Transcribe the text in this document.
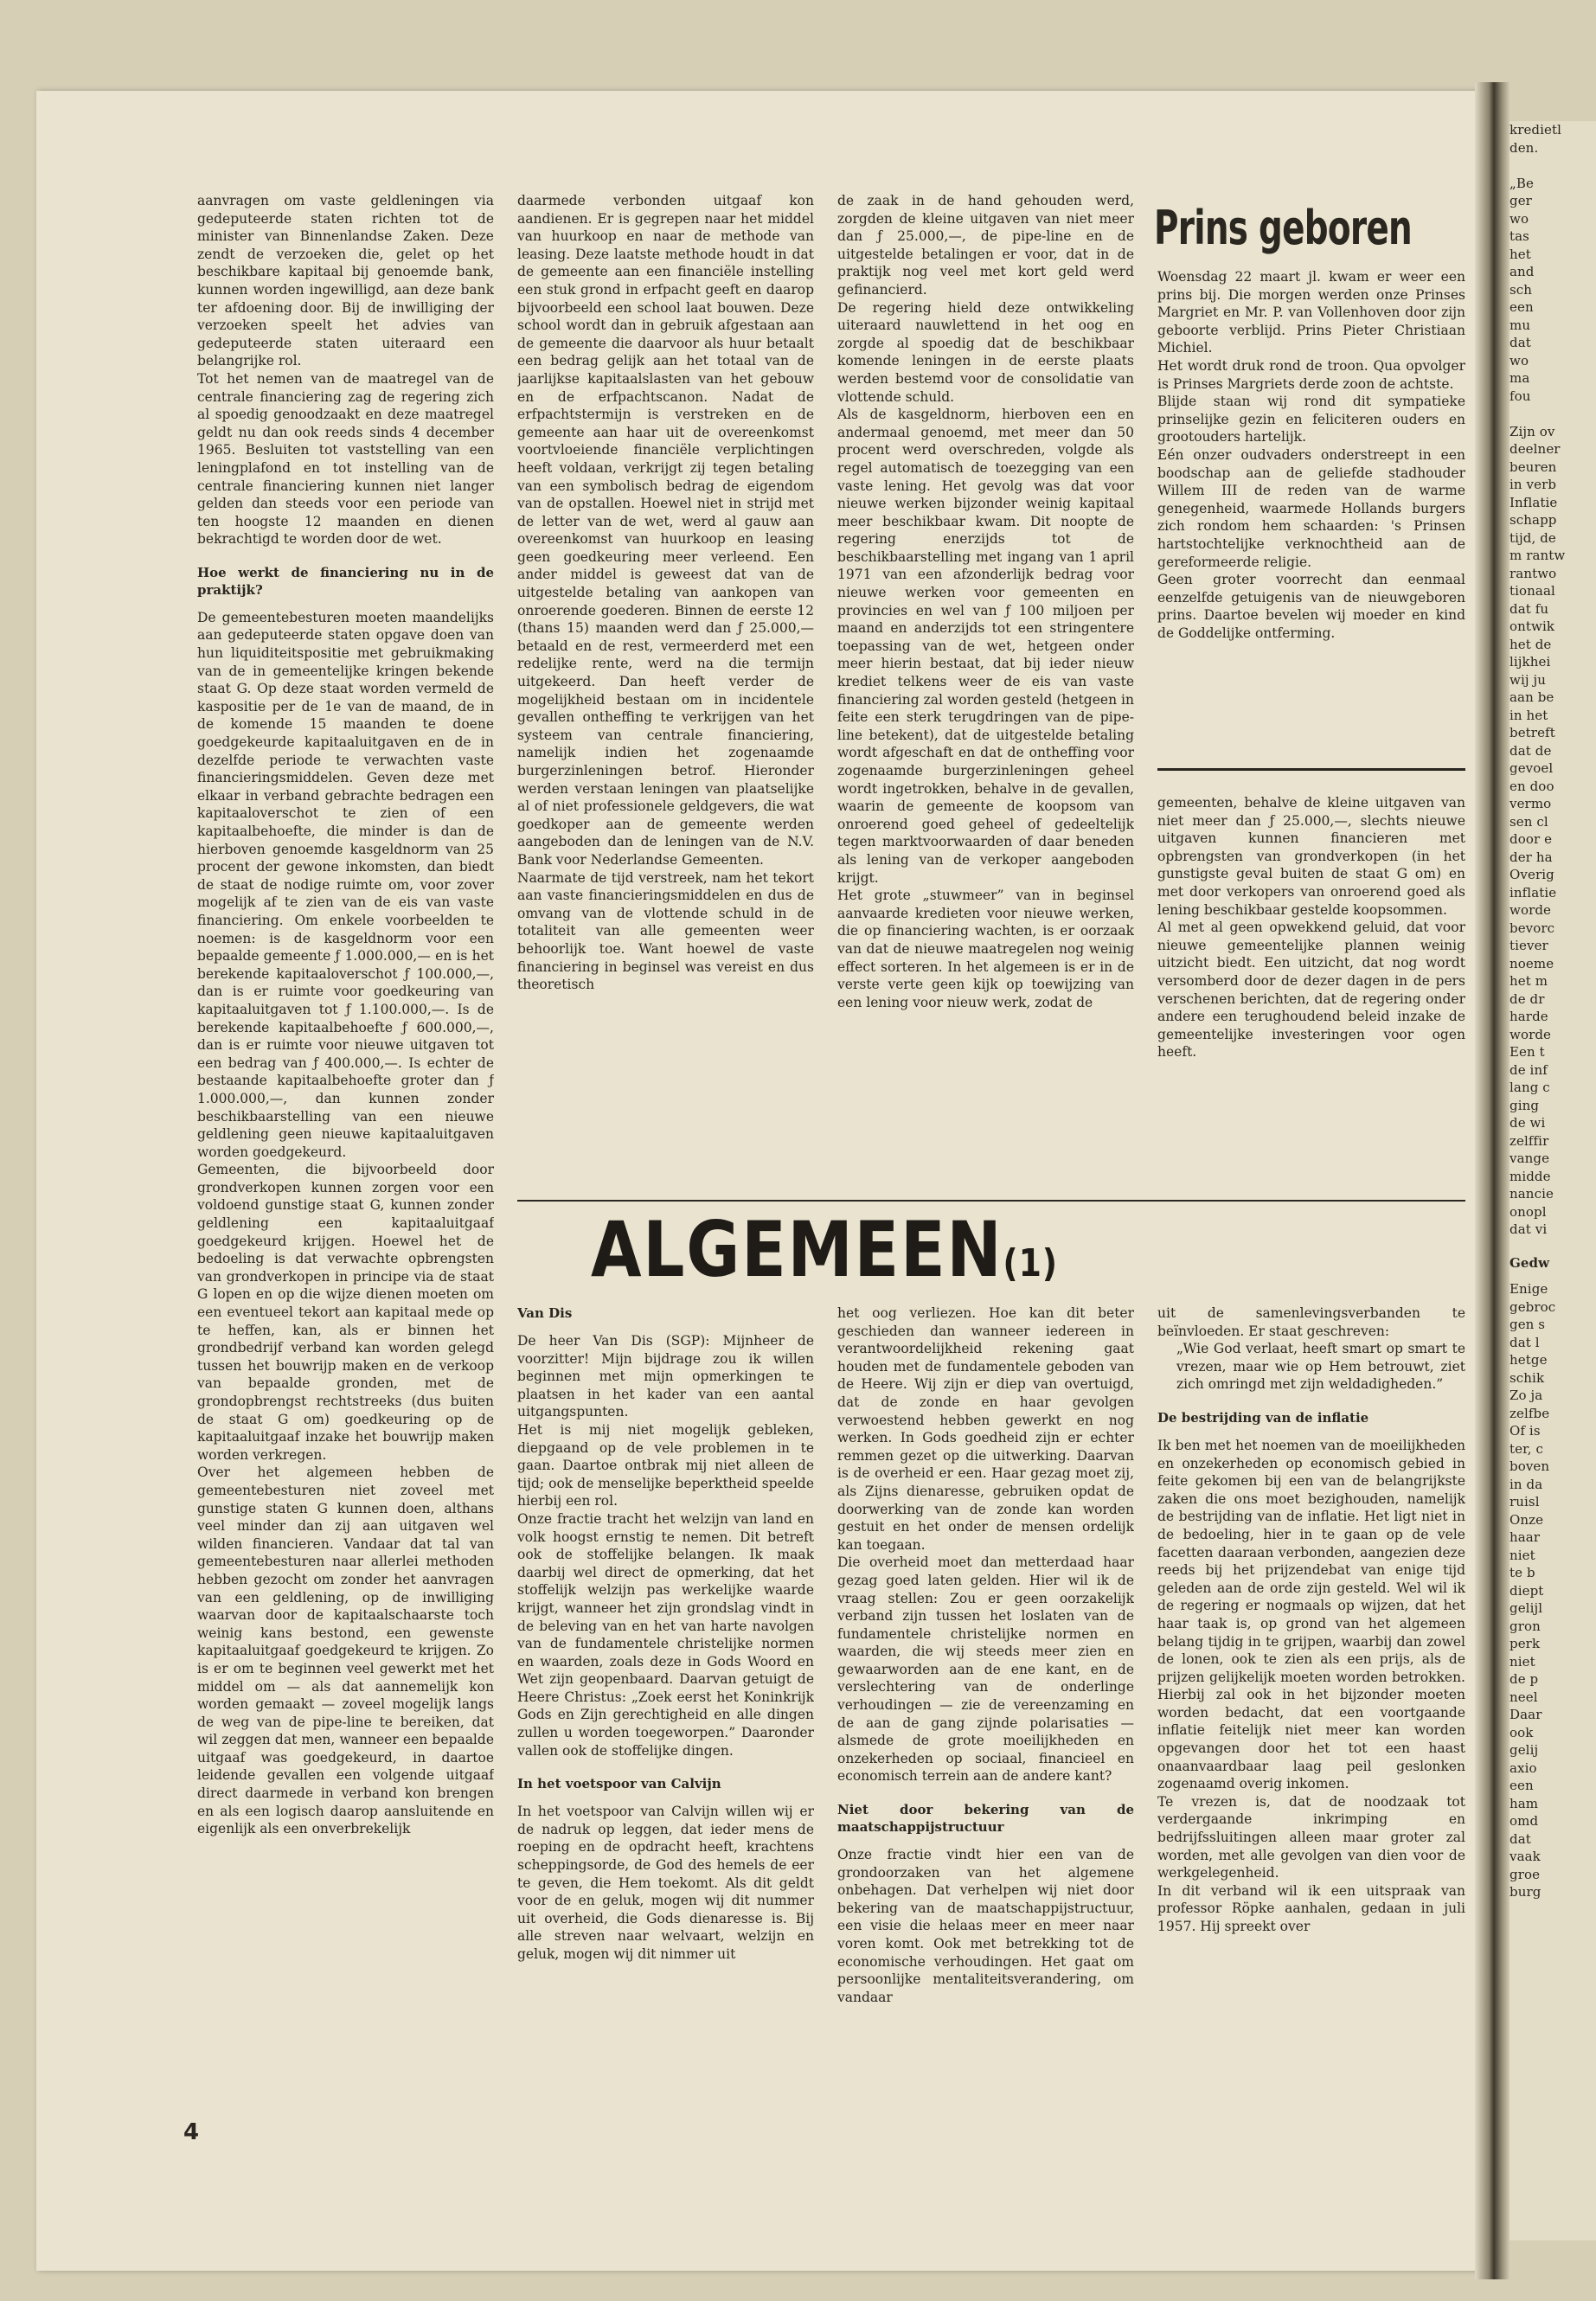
kredietl

den.

„Be

ger

wo

tas

het

and

sch

een

mu

dat

wo

ma

fou

Zijn ov

deelner

beuren

in verb

Inflatie

schapp

tijd, de

m rantw

rantwo

tionaal

dat fu

ontwik

het de

lijkhei

wij ju

aan be

in het

betreft

dat de

gevoel

en doo

vermo

sen cl

door e

der ha

Overig

inflatie

worde

bevorc

tiever

noeme

het m

de dr

harde

worde

Een t

de inf

lang c

ging

de wi

zelffir

vange

midde

nancie

onopl

dat vi

Gedw

Enige

gebroc

gen s

dat l

hetge

schik

Zo ja

zelfbe

Of is

ter, c

boven

in da

ruisl

Onze

haar

niet

te b

diept

gelijl

gron

perk

niet

de p

neel

Daar

ook

gelij

axio

een

ham

omd

dat

vaak

groe

burg

aanvragen om vaste geldleningen via gedeputeerde staten richten tot de minister van Binnenlandse Zaken. Deze zendt de verzoeken die, gelet op het beschikbare kapitaal bij genoemde bank, kunnen worden ingewilligd, aan deze bank ter afdoening door. Bij de inwilliging der verzoeken speelt het advies van gedeputeerde staten uiteraard een belangrijke rol.

Tot het nemen van de maatregel van de centrale financiering zag de regering zich al spoedig genoodzaakt en deze maatregel geldt nu dan ook reeds sinds 4 december 1965. Besluiten tot vaststelling van een leningplafond en tot instelling van de centrale financiering kunnen niet langer gelden dan steeds voor een periode van ten hoogste 12 maanden en dienen bekrachtigd te worden door de wet.

Hoe werkt de financiering nu in de praktijk?

De gemeentebesturen moeten maandelijks aan gedeputeerde staten opgave doen van hun liquiditeitspositie met gebruikmaking van de in gemeentelijke kringen bekende staat G. Op deze staat worden vermeld de kaspositie per de 1e van de maand, de in de komende 15 maanden te doene goedgekeurde kapitaaluitgaven en de in dezelfde periode te verwachten vaste financieringsmiddelen. Geven deze met elkaar in verband gebrachte bedragen een kapitaaloverschot te zien of een kapitaalbehoefte, die minder is dan de hierboven genoemde kasgeldnorm van 25 procent der gewone inkomsten, dan biedt de staat de nodige ruimte om, voor zover mogelijk af te zien van de eis van vaste financiering. Om enkele voorbeelden te noemen: is de kasgeldnorm voor een bepaalde gemeente ƒ 1.000.000,— en is het berekende kapitaaloverschot ƒ 100.000,—, dan is er ruimte voor goedkeuring van kapitaaluitgaven tot ƒ 1.100.000,—. Is de berekende kapitaalbehoefte ƒ 600.000,—, dan is er ruimte voor nieuwe uitgaven tot een bedrag van ƒ 400.000,—. Is echter de bestaande kapitaalbehoefte groter dan ƒ 1.000.000,—, dan kunnen zonder beschikbaarstelling van een nieuwe geldlening geen nieuwe kapitaaluitgaven worden goedgekeurd.

Gemeenten, die bijvoorbeeld door grondverkopen kunnen zorgen voor een voldoend gunstige staat G, kunnen zonder geldlening een kapitaaluitgaaf goedgekeurd krijgen. Hoewel het de bedoeling is dat verwachte opbrengsten van grondverkopen in principe via de staat G lopen en op die wijze dienen moeten om een eventueel tekort aan kapitaal mede op te heffen, kan, als er binnen het grondbedrijf verband kan worden gelegd tussen het bouwrijp maken en de verkoop van bepaalde gronden, met de grondopbrengst rechtstreeks (dus buiten de staat G om) goedkeuring op de kapitaaluitgaaf inzake het bouwrijp maken worden verkregen.

Over het algemeen hebben de gemeentebesturen niet zoveel met gunstige staten G kunnen doen, althans veel minder dan zij aan uitgaven wel wilden financieren. Vandaar dat tal van gemeentebesturen naar allerlei methoden hebben gezocht om zonder het aanvragen van een geldlening, op de inwilliging waarvan door de kapitaalschaarste toch weinig kans bestond, een gewenste kapitaaluitgaaf goedgekeurd te krijgen. Zo is er om te beginnen veel gewerkt met het middel om — als dat aannemelijk kon worden gemaakt — zoveel mogelijk langs de weg van de pipe-line te bereiken, dat wil zeggen dat men, wanneer een bepaalde uitgaaf was goedgekeurd, in daartoe leidende gevallen een volgende uitgaaf direct daarmede in verband kon brengen en als een logisch daarop aansluitende en eigenlijk als een onverbrekelijk

daarmede verbonden uitgaaf kon aandienen. Er is gegrepen naar het middel van huurkoop en naar de methode van leasing. Deze laatste methode houdt in dat de gemeente aan een financiële instelling een stuk grond in erfpacht geeft en daarop bijvoorbeeld een school laat bouwen. Deze school wordt dan in gebruik afgestaan aan de gemeente die daarvoor als huur betaalt een bedrag gelijk aan het totaal van de jaarlijkse kapitaalslasten van het gebouw en de erfpachtscanon. Nadat de erfpachtstermijn is verstreken en de gemeente aan haar uit de overeenkomst voortvloeiende financiële verplichtingen heeft voldaan, verkrijgt zij tegen betaling van een symbolisch bedrag de eigendom van de opstallen. Hoewel niet in strijd met de letter van de wet, werd al gauw aan overeenkomst van huurkoop en leasing geen goedkeuring meer verleend. Een ander middel is geweest dat van de uitgestelde betaling van aankopen van onroerende goederen. Binnen de eerste 12 (thans 15) maanden werd dan ƒ 25.000,— betaald en de rest, vermeerderd met een redelijke rente, werd na die termijn uitgekeerd. Dan heeft verder de mogelijkheid bestaan om in incidentele gevallen ontheffing te verkrijgen van het systeem van centrale financiering, namelijk indien het zogenaamde burgerzinleningen betrof. Hieronder werden verstaan leningen van plaatselijke al of niet professionele geldgevers, die wat goedkoper aan de gemeente werden aangeboden dan de leningen van de N.V. Bank voor Nederlandse Gemeenten.

Naarmate de tijd verstreek, nam het tekort aan vaste financieringsmiddelen en dus de omvang van de vlottende schuld in de totaliteit van alle gemeenten weer behoorlijk toe. Want hoewel de vaste financiering in beginsel was vereist en dus theoretisch

de zaak in de hand gehouden werd, zorgden de kleine uitgaven van niet meer dan ƒ 25.000,—, de pipe-line en de uitgestelde betalingen er voor, dat in de praktijk nog veel met kort geld werd gefinancierd.

De regering hield deze ontwikkeling uiteraard nauwlettend in het oog en zorgde al spoedig dat de beschikbaar komende leningen in de eerste plaats werden bestemd voor de consolidatie van vlottende schuld.

Als de kasgeldnorm, hierboven een en andermaal genoemd, met meer dan 50 procent werd overschreden, volgde als regel automatisch de toezegging van een vaste lening. Het gevolg was dat voor nieuwe werken bijzonder weinig kapitaal meer beschikbaar kwam. Dit noopte de regering enerzijds tot de beschikbaarstelling met ingang van 1 april 1971 van een afzonderlijk bedrag voor nieuwe werken voor gemeenten en provincies en wel van ƒ 100 miljoen per maand en anderzijds tot een stringentere toepassing van de wet, hetgeen onder meer hierin bestaat, dat bij ieder nieuw krediet telkens weer de eis van vaste financiering zal worden gesteld (hetgeen in feite een sterk terugdringen van de pipe-line betekent), dat de uitgestelde betaling wordt afgeschaft en dat de ontheffing voor zogenaamde burgerzinleningen geheel wordt ingetrokken, behalve in de gevallen, waarin de gemeente de koopsom van onroerend goed geheel of gedeeltelijk tegen marktvoorwaarden of daar beneden als lening van de verkoper aangeboden krijgt.

Het grote „stuwmeer” van in beginsel aanvaarde kredieten voor nieuwe werken, die op financiering wachten, is er oorzaak van dat de nieuwe maatregelen nog weinig effect sorteren. In het algemeen is er in de verste verte geen kijk op toewijzing van een lening voor nieuw werk, zodat de

Prins geboren

Woensdag 22 maart jl. kwam er weer een prins bij. Die morgen werden onze Prinses Margriet en Mr. P. van Vollenhoven door zijn geboorte verblijd. Prins Pieter Christiaan Michiel.

Het wordt druk rond de troon. Qua opvolger is Prinses Margriets derde zoon de achtste.

Blijde staan wij rond dit sympatieke prinselijke gezin en feliciteren ouders en grootouders hartelijk.

Eén onzer oudvaders onderstreept in een boodschap aan de geliefde stadhouder Willem III de reden van de warme genegenheid, waarmede Hollands burgers zich rondom hem schaarden: 's Prinsen hartstochtelijke verknochtheid aan de gereformeerde religie.

Geen groter voorrecht dan eenmaal eenzelfde getuigenis van de nieuwgeboren prins. Daartoe bevelen wij moeder en kind de Goddelijke ontferming.

gemeenten, behalve de kleine uitgaven van niet meer dan ƒ 25.000,—, slechts nieuwe uitgaven kunnen financieren met opbrengsten van grondverkopen (in het gunstigste geval buiten de staat G om) en met door verkopers van onroerend goed als lening beschikbaar gestelde koopsommen.

Al met al geen opwekkend geluid, dat voor nieuwe gemeentelijke plannen weinig uitzicht biedt. Een uitzicht, dat nog wordt versomberd door de dezer dagen in de pers verschenen berichten, dat de regering onder andere een terughoudend beleid inzake de gemeentelijke investeringen voor ogen heeft.

ALGEMEEN(1)
Van Dis

De heer Van Dis (SGP): Mijnheer de voorzitter! Mijn bijdrage zou ik willen beginnen met mijn opmerkingen te plaatsen in het kader van een aantal uitgangspunten.

Het is mij niet mogelijk gebleken, diepgaand op de vele problemen in te gaan. Daartoe ontbrak mij niet alleen de tijd; ook de menselijke beperktheid speelde hierbij een rol.

Onze fractie tracht het welzijn van land en volk hoogst ernstig te nemen. Dit betreft ook de stoffelijke belangen. Ik maak daarbij wel direct de opmerking, dat het stoffelijk welzijn pas werkelijke waarde krijgt, wanneer het zijn grondslag vindt in de beleving van en het van harte navolgen van de fundamentele christelijke normen en waarden, zoals deze in Gods Woord en Wet zijn geopenbaard. Daarvan getuigt de Heere Christus: „Zoek eerst het Koninkrijk Gods en Zijn gerechtigheid en alle dingen zullen u worden toegeworpen.” Daaronder vallen ook de stoffelijke dingen.

In het voetspoor van Calvijn

In het voetspoor van Calvijn willen wij er de nadruk op leggen, dat ieder mens de roeping en de opdracht heeft, krachtens scheppingsorde, de God des hemels de eer te geven, die Hem toekomt. Als dit geldt voor de en geluk, mogen wij dit nummer uit overheid, die Gods dienaresse is. Bij alle streven naar welvaart, welzijn en geluk, mogen wij dit nimmer uit

het oog verliezen. Hoe kan dit beter geschieden dan wanneer iedereen in verantwoordelijkheid rekening gaat houden met de fundamentele geboden van de Heere. Wij zijn er diep van overtuigd, dat de zonde en haar gevolgen verwoestend hebben gewerkt en nog werken. In Gods goedheid zijn er echter remmen gezet op die uitwerking. Daarvan is de overheid er een. Haar gezag moet zij, als Zijns dienaresse, gebruiken opdat de doorwerking van de zonde kan worden gestuit en het onder de mensen ordelijk kan toegaan.

Die overheid moet dan metterdaad haar gezag goed laten gelden. Hier wil ik de vraag stellen: Zou er geen oorzakelijk verband zijn tussen het loslaten van de fundamentele christelijke normen en waarden, die wij steeds meer zien en gewaarworden aan de ene kant, en de verslechtering van de onderlinge verhoudingen — zie de vereenzaming en de aan de gang zijnde polarisaties — alsmede de grote moeilijkheden en onzekerheden op sociaal, financieel en economisch terrein aan de andere kant?

Niet door bekering van de maatschappijstructuur

Onze fractie vindt hier een van de grondoorzaken van het algemene onbehagen. Dat verhelpen wij niet door bekering van de maatschappijstructuur, een visie die helaas meer en meer naar voren komt. Ook met betrekking tot de economische verhoudingen. Het gaat om persoonlijke mentaliteitsverandering, om vandaar

uit de samenlevingsverbanden te beïnvloeden. Er staat geschreven:

„Wie God verlaat, heeft smart op smart te vrezen, maar wie op Hem betrouwt, ziet zich omringd met zijn weldadigheden.”

De bestrijding van de inflatie

Ik ben met het noemen van de moeilijkheden en onzekerheden op economisch gebied in feite gekomen bij een van de belangrijkste zaken die ons moet bezighouden, namelijk de bestrijding van de inflatie. Het ligt niet in de bedoeling, hier in te gaan op de vele facetten daaraan verbonden, aangezien deze reeds bij het prijzendebat van enige tijd geleden aan de orde zijn gesteld. Wel wil ik de regering er nogmaals op wijzen, dat het haar taak is, op grond van het algemeen belang tijdig in te grijpen, waarbij dan zowel de lonen, ook te zien als een prijs, als de prijzen gelijkelijk moeten worden betrokken. Hierbij zal ook in het bijzonder moeten worden bedacht, dat een voortgaande inflatie feitelijk niet meer kan worden opgevangen door het tot een haast onaanvaardbaar laag peil geslonken zogenaamd overig inkomen.

Te vrezen is, dat de noodzaak tot verdergaande inkrimping en bedrijfssluitingen alleen maar groter zal worden, met alle gevolgen van dien voor de werkgelegenheid.

In dit verband wil ik een uitspraak van professor Röpke aanhalen, gedaan in juli 1957. Hij spreekt over

4
